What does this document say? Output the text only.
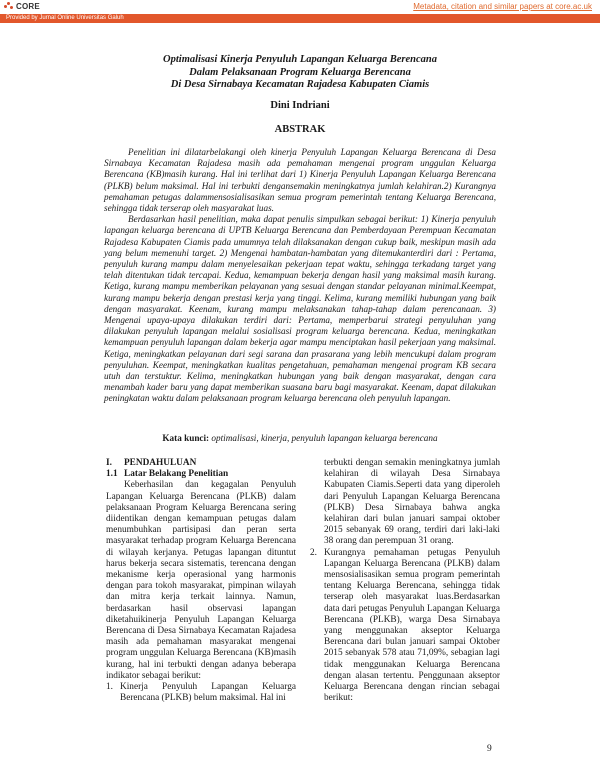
CORE	Metadata, citation and similar papers at core.ac.uk
Provided by Jurnal Online Universitas Galuh
Optimalisasi Kinerja Penyuluh Lapangan Keluarga Berencana
Dalam Pelaksanaan Program Keluarga Berencana
Di Desa Sirnabaya Kecamatan Rajadesa Kabupaten Ciamis
Dini Indriani
ABSTRAK

Penelitian ini dilatarbelakangi oleh kinerja Penyuluh Lapangan Keluarga Berencana di Desa Sirnabaya Kecamatan Rajadesa masih ada pemahaman mengenai program unggulan Keluarga Berencana (KB)masih kurang. Hal ini terlihat dari 1) Kinerja Penyuluh Lapangan Keluarga Berencana (PLKB) belum maksimal. Hal ini terbukti dengansemakin meningkatnya jumlah kelahiran.2) Kurangnya pemahaman petugas dalammensosialisasikan semua program pemerintah tentang Keluarga Berencana, sehingga tidak terserap oleh masyarakat luas.

Berdasarkan hasil penelitian, maka dapat penulis simpulkan sebagai berikut: 1) Kinerja penyuluh lapangan keluarga berencana di UPTB Keluarga Berencana dan Pemberdayaan Perempuan Kecamatan Rajadesa Kabupaten Ciamis pada umumnya telah dilaksanakan dengan cukup baik, meskipun masih ada yang belum memenuhi target. 2) Mengenai hambatan-hambatan yang ditemukanterdiri dari : Pertama, penyuluh kurang mampu dalam menyelesaikan pekerjaan tepat waktu, sehingga terkadang target yang telah ditentukan tidak tercapai. Kedua, kemampuan bekerja dengan hasil yang maksimal masih kurang. Ketiga, kurang mampu memberikan pelayanan yang sesuai dengan standar pelayanan minimal.Keempat, kurang mampu bekerja dengan prestasi kerja yang tinggi. Kelima, kurang memiliki hubungan yang baik dengan masyarakat. Keenam, kurang mampu melaksanakan tahap-tahap dalam perencanaan. 3) Mengenai upaya-upaya dilakukan terdiri dari: Pertama, memperbarui strategi penyuluhan yang dilakukan penyuluh lapangan melalui sosialisasi program keluarga berencana. Kedua, meningkatkan kemampuan penyuluh lapangan dalam bekerja agar mampu menciptakan hasil pekerjaan yang maksimal. Ketiga, meningkatkan pelayanan dari segi sarana dan prasarana yang lebih mencukupi dalam program penyuluhan. Keempat, meningkatkan kualitas pengetahuan, pemahaman mengenai program KB secara utuh dan terstuktur. Kelima, meningkatkan hubungan yang baik dengan masyarakat, dengan cara menambah kader baru yang dapat memberikan suasana baru bagi masyarakat. Keenam, dapat dilakukan peningkatan waktu dalam pelaksanaan program keluarga berencana oleh penyuluh lapangan.

Kata kunci: optimalisasi, kinerja, penyuluh lapangan keluarga berencana
I. PENDAHULUAN
1.1 Latar Belakang Penelitian

Keberhasilan dan kegagalan Penyuluh Lapangan Keluarga Berencana (PLKB) dalam pelaksanaan Program Keluarga Berencana sering diidentikan dengan kemampuan petugas dalam menumbuhkan partisipasi dan peran serta masyarakat terhadap program Keluarga Berencana di wilayah kerjanya. Petugas lapangan dituntut harus bekerja secara sistematis, terencana dengan mekanisme kerja operasional yang harmonis dengan para tokoh masyarakat, pimpinan wilayah dan mitra kerja terkait lainnya. Namun, berdasarkan hasil observasi lapangan diketahuikinerja Penyuluh Lapangan Keluarga Berencana di Desa Sirnabaya Kecamatan Rajadesa masih ada pemahaman masyarakat mengenai program unggulan Keluarga Berencana (KB)masih kurang, hal ini terbukti dengan adanya beberapa indikator sebagai berikut:

1. Kinerja Penyuluh Lapangan Keluarga Berencana (PLKB) belum maksimal. Hal ini

terbukti dengan semakin meningkatnya jumlah kelahiran di wilayah Desa Sirnabaya Kabupaten Ciamis.Seperti data yang diperoleh dari Penyuluh Lapangan Keluarga Berencana (PLKB) Desa Sirnabaya bahwa angka kelahiran dari bulan januari sampai oktober 2015 sebanyak 69 orang, terdiri dari laki-laki 38 orang dan perempuan 31 orang.

2. Kurangnya pemahaman petugas Penyuluh Lapangan Keluarga Berencana (PLKB) dalam mensosialisasikan semua program pemerintah tentang Keluarga Berencana, sehingga tidak terserap oleh masyarakat luas.Berdasarkan data dari petugas Penyuluh Lapangan Keluarga Berencana (PLKB), warga Desa Sirnabaya yang menggunakan akseptor Keluarga Berencana dari bulan januari sampai Oktober 2015 sebanyak 578 atau 71,09%, sebagian lagi tidak menggunakan Keluarga Berencana dengan alasan tertentu. Penggunaan akseptor Keluarga Berencana dengan rincian sebagai berikut:
9
